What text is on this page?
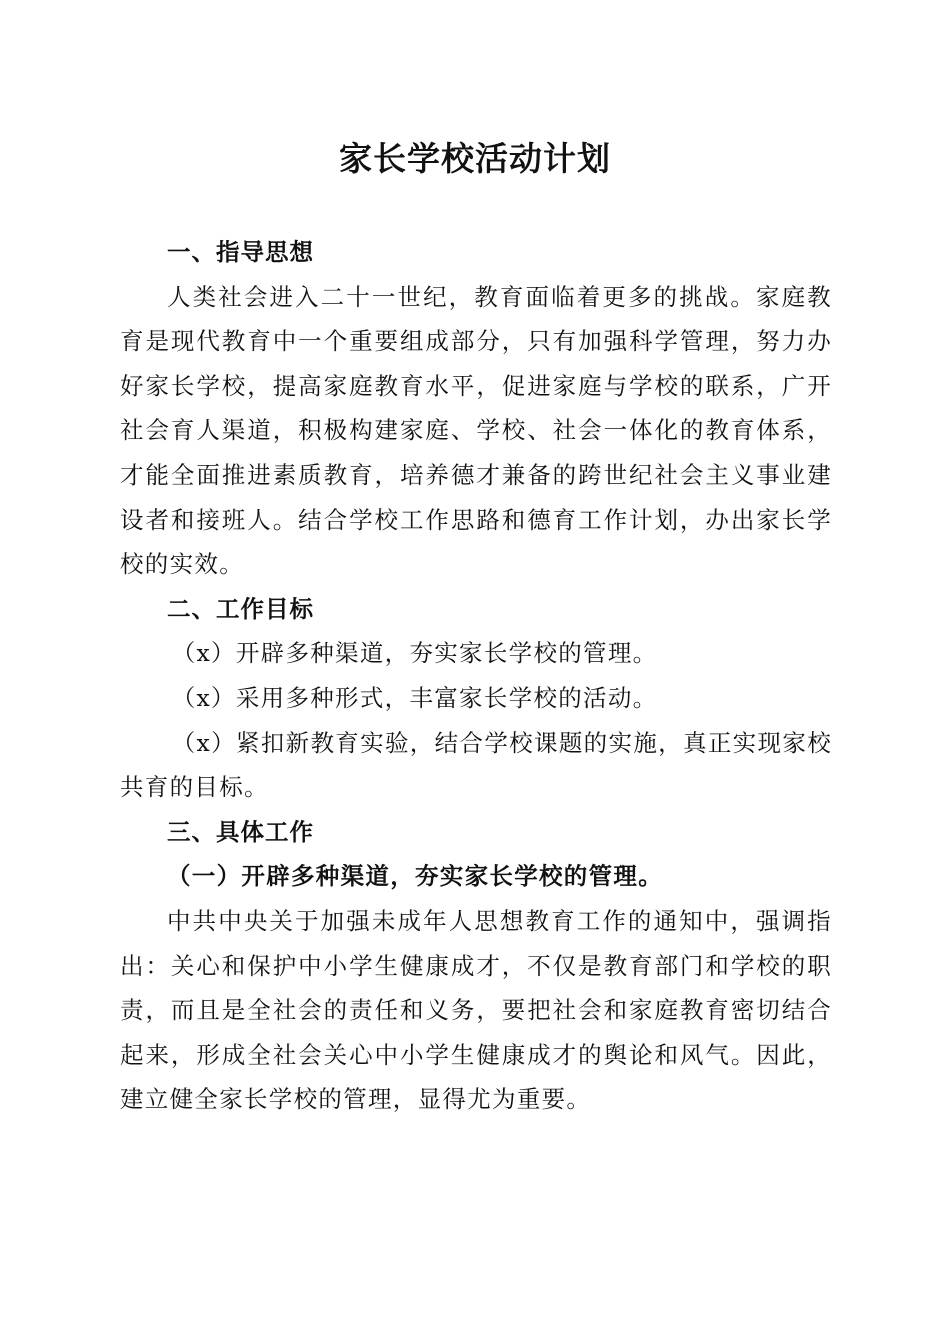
家长学校活动计划

一、指导思想

人类社会进入二十一世纪，教育面临着更多的挑战。家庭教育是现代教育中一个重要组成部分，只有加强科学管理，努力办好家长学校，提高家庭教育水平，促进家庭与学校的联系，广开社会育人渠道，积极构建家庭、学校、社会一体化的教育体系，才能全面推进素质教育，培养德才兼备的跨世纪社会主义事业建设者和接班人。结合学校工作思路和德育工作计划，办出家长学校的实效。

二、工作目标

（x）开辟多种渠道，夯实家长学校的管理。

（x）采用多种形式，丰富家长学校的活动。

（x）紧扣新教育实验，结合学校课题的实施，真正实现家校共育的目标。

三、具体工作

（一）开辟多种渠道，夯实家长学校的管理。

中共中央关于加强未成年人思想教育工作的通知中，强调指出：关心和保护中小学生健康成才，不仅是教育部门和学校的职责，而且是全社会的责任和义务，要把社会和家庭教育密切结合起来，形成全社会关心中小学生健康成才的舆论和风气。因此，建立健全家长学校的管理，显得尤为重要。
